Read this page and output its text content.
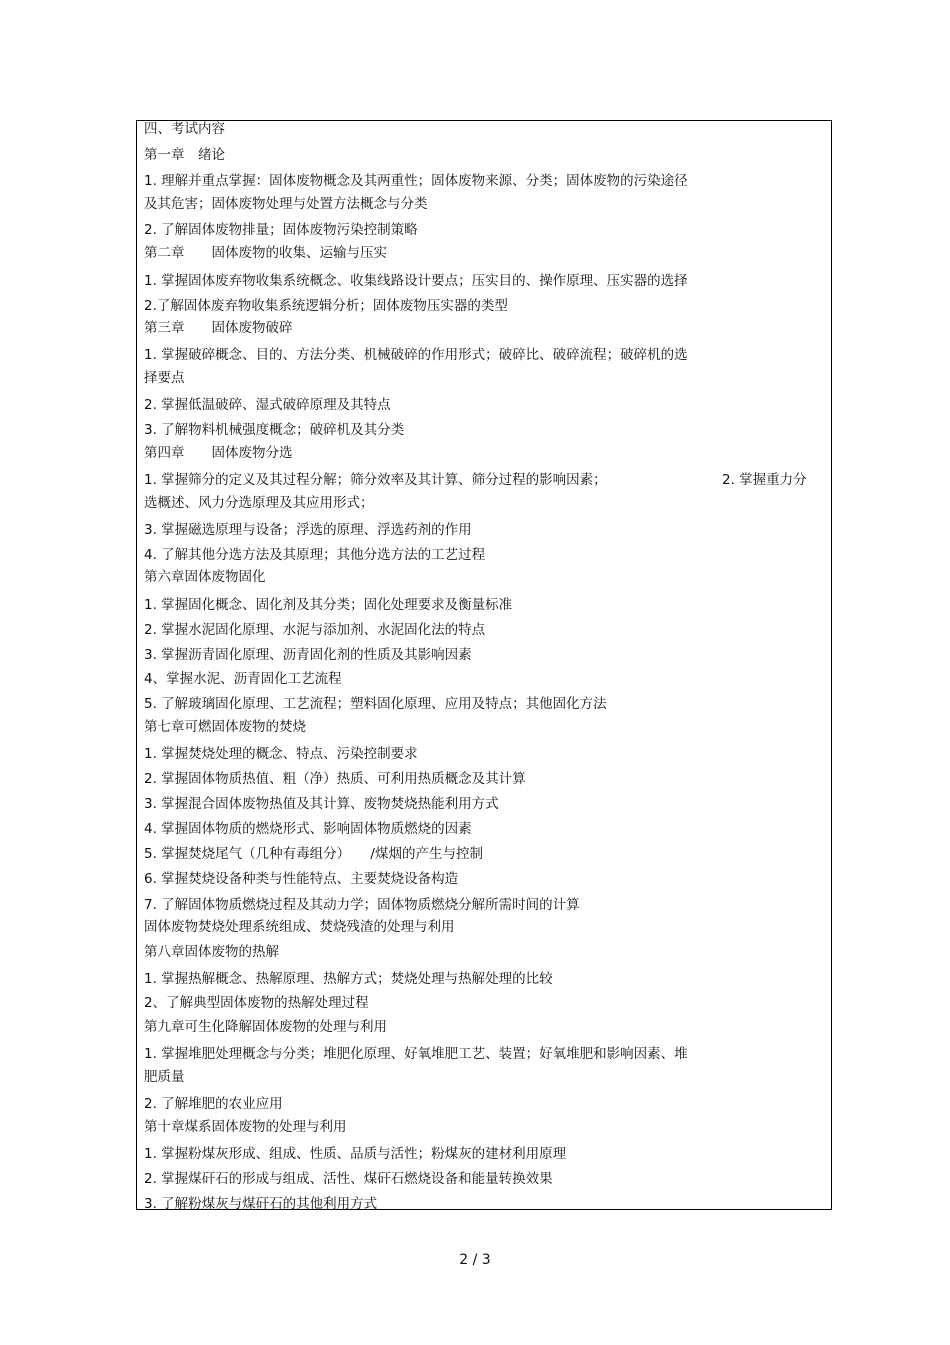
四、考试内容
第一章　绪论
1. 理解并重点掌握：固体废物概念及其两重性；固体废物来源、分类；固体废物的污染途径
及其危害；固体废物处理与处置方法概念与分类
2. 了解固体废物排量；固体废物污染控制策略
第二章　　固体废物的收集、运输与压实
1. 掌握固体废弃物收集系统概念、收集线路设计要点；压实目的、操作原理、压实器的选择
2.了解固体废弃物收集系统逻辑分析；固体废物压实器的类型
第三章　　固体废物破碎
1. 掌握破碎概念、目的、方法分类、机械破碎的作用形式；破碎比、破碎流程；破碎机的选
择要点
2. 掌握低温破碎、湿式破碎原理及其特点
3. 了解物料机械强度概念；破碎机及其分类
第四章　　固体废物分选
1. 掌握筛分的定义及其过程分解；筛分效率及其计算、筛分过程的影响因素；	2. 掌握重力分
选概述、风力分选原理及其应用形式；
3. 掌握磁选原理与设备；浮选的原理、浮选药剂的作用
4. 了解其他分选方法及其原理；其他分选方法的工艺过程
第六章固体废物固化
1. 掌握固化概念、固化剂及其分类；固化处理要求及衡量标准
2. 掌握水泥固化原理、水泥与添加剂、水泥固化法的特点
3. 掌握沥青固化原理、沥青固化剂的性质及其影响因素
4、掌握水泥、沥青固化工艺流程
5. 了解玻璃固化原理、工艺流程；塑料固化原理、应用及特点；其他固化方法
第七章可燃固体废物的焚烧
1. 掌握焚烧处理的概念、特点、污染控制要求
2. 掌握固体物质热值、粗（净）热质、可利用热质概念及其计算
3. 掌握混合固体废物热值及其计算、废物焚烧热能利用方式
4. 掌握固体物质的燃烧形式、影响固体物质燃烧的因素
5. 掌握焚烧尾气（几种有毒组分）　　/煤烟的产生与控制
6. 掌握焚烧设备种类与性能特点、主要焚烧设备构造
7. 了解固体物质燃烧过程及其动力学；固体物质燃烧分解所需时间的计算
固体废物焚烧处理系统组成、焚烧残渣的处理与利用
第八章固体废物的热解
1. 掌握热解概念、热解原理、热解方式；焚烧处理与热解处理的比较
2、了解典型固体废物的热解处理过程
第九章可生化降解固体废物的处理与利用
1. 掌握堆肥处理概念与分类；堆肥化原理、好氧堆肥工艺、装置；好氧堆肥和影响因素、堆
肥质量
2. 了解堆肥的农业应用
第十章煤系固体废物的处理与利用
1. 掌握粉煤灰形成、组成、性质、品质与活性；粉煤灰的建材利用原理
2. 掌握煤矸石的形成与组成、活性、煤矸石燃烧设备和能量转换效果
3. 了解粉煤灰与煤矸石的其他利用方式
2 / 3
